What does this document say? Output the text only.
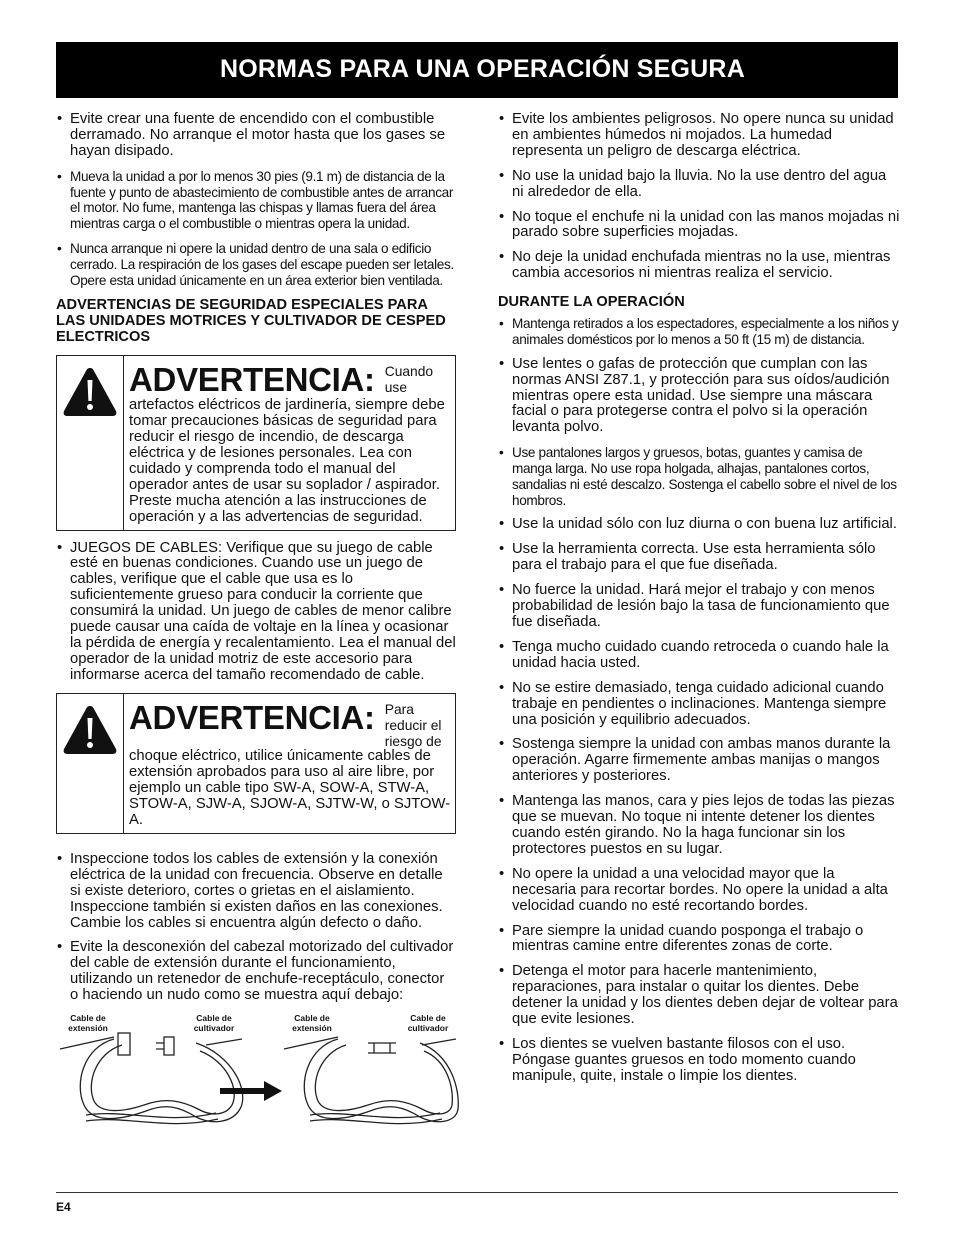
NORMAS PARA UNA OPERACIÓN SEGURA
• Evite crear una fuente de encendido con el combustible derramado. No arranque el motor hasta que los gases se hayan disipado.
• Mueva la unidad a por lo menos 30 pies (9.1 m) de distancia de la fuente y punto de abastecimiento de combustible antes de arrancar el motor. No fume, mantenga las chispas y llamas fuera del área mientras carga o el combustible o mientras opera la unidad.
• Nunca arranque ni opere la unidad dentro de una sala o edificio cerrado. La respiración de los gases del escape pueden ser letales. Opere esta unidad únicamente en un área exterior bien ventilada.
ADVERTENCIAS DE SEGURIDAD ESPECIALES PARA LAS UNIDADES MOTRICES Y CULTIVADOR DE CESPED ELECTRICOS
ADVERTENCIA: Cuando use
artefactos eléctricos de jardinería, siempre debe tomar precauciones básicas de seguridad para reducir el riesgo de incendio, de descarga eléctrica y de lesiones personales. Lea con cuidado y comprenda todo el manual del operador antes de usar su soplador / aspirador. Preste mucha atención a las instrucciones de operación y a las advertencias de seguridad.
• JUEGOS DE CABLES: Verifique que su juego de cable esté en buenas condiciones. Cuando use un juego de cables, verifique que el cable que usa es lo suficientemente grueso para conducir la corriente que consumirá la unidad. Un juego de cables de menor calibre puede causar una caída de voltaje en la línea y ocasionar la pérdida de energía y recalentamiento. Lea el manual del operador de la unidad motriz de este accesorio para informarse acerca del tamaño recomendado de cable.
ADVERTENCIA: Para reducir el riesgo de
choque eléctrico, utilice únicamente cables de extensión aprobados para uso al aire libre, por ejemplo un cable tipo SW-A, SOW-A, STW-A, STOW-A, SJW-A, SJOW-A, SJTW-W, o SJTOW-A.
• Inspeccione todos los cables de extensión y la conexión eléctrica de la unidad con frecuencia. Observe en detalle si existe deterioro, cortes o grietas en el aislamiento. Inspeccione también si existen daños en las conexiones. Cambie los cables si encuentra algún defecto o daño.
• Evite la desconexión del cabezal motorizado del cultivador del cable de extensión durante el funcionamiento, utilizando un retenedor de enchufe-receptáculo, conector o haciendo un nudo como se muestra aquí debajo:
Cable de extensión
Cable de cultivador
Cable de extensión
Cable de cultivador
• Evite los ambientes peligrosos. No opere nunca su unidad en ambientes húmedos ni mojados. La humedad representa un peligro de descarga eléctrica.
• No use la unidad bajo la lluvia. No la use dentro del agua ni alrededor de ella.
• No toque el enchufe ni la unidad con las manos mojadas ni parado sobre superficies mojadas.
• No deje la unidad enchufada mientras no la use, mientras cambia accesorios ni mientras realiza el servicio.
DURANTE LA OPERACIÓN
• Mantenga retirados a los espectadores, especialmente a los niños y animales domésticos por lo menos a 50 ft (15 m) de distancia.
• Use lentes o gafas de protección que cumplan con las normas ANSI Z87.1, y protección para sus oídos/audición mientras opere esta unidad. Use siempre una máscara facial o para protegerse contra el polvo si la operación levanta polvo.
• Use pantalones largos y gruesos, botas, guantes y camisa de manga larga. No use ropa holgada, alhajas, pantalones cortos, sandalias ni esté descalzo. Sostenga el cabello sobre el nivel de los hombros.
• Use la unidad sólo con luz diurna o con buena luz artificial.
• Use la herramienta correcta. Use esta herramienta sólo para el trabajo para el que fue diseñada.
• No fuerce la unidad. Hará mejor el trabajo y con menos probabilidad de lesión bajo la tasa de funcionamiento que fue diseñada.
• Tenga mucho cuidado cuando retroceda o cuando hale la unidad hacia usted.
• No se estire demasiado, tenga cuidado adicional cuando trabaje en pendientes o inclinaciones. Mantenga siempre una posición y equilibrio adecuados.
• Sostenga siempre la unidad con ambas manos durante la operación. Agarre firmemente ambas manijas o mangos anteriores y posteriores.
• Mantenga las manos, cara y pies lejos de todas las piezas que se muevan. No toque ni intente detener los dientes cuando estén girando. No la haga funcionar sin los protectores puestos en su lugar.
• No opere la unidad a una velocidad mayor que la necesaria para recortar bordes. No opere la unidad a alta velocidad cuando no esté recortando bordes.
• Pare siempre la unidad cuando posponga el trabajo o mientras camine entre diferentes zonas de corte.
• Detenga el motor para hacerle mantenimiento, reparaciones, para instalar o quitar los dientes. Debe detener la unidad y los dientes deben dejar de voltear para que evite lesiones.
• Los dientes se vuelven bastante filosos con el uso. Póngase guantes gruesos en todo momento cuando manipule, quite, instale o limpie los dientes.
E4
